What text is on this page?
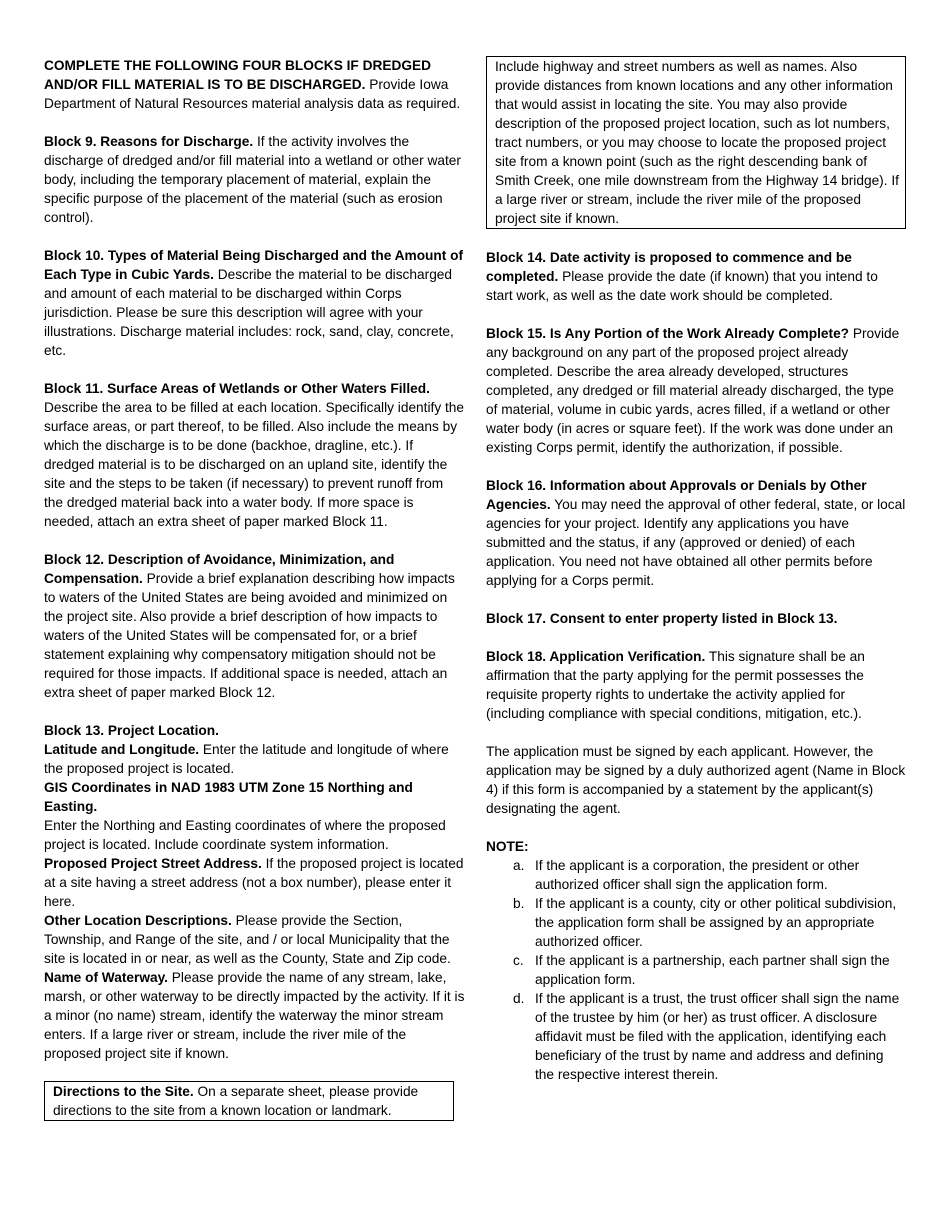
COMPLETE THE FOLLOWING FOUR BLOCKS IF DREDGED AND/OR FILL MATERIAL IS TO BE DISCHARGED. Provide Iowa Department of Natural Resources material analysis data as required.

Block 9. Reasons for Discharge. If the activity involves the discharge of dredged and/or fill material into a wetland or other water body, including the temporary placement of material, explain the specific purpose of the placement of the material (such as erosion control).

Block 10. Types of Material Being Discharged and the Amount of Each Type in Cubic Yards. Describe the material to be discharged and amount of each material to be discharged within Corps jurisdiction. Please be sure this description will agree with your illustrations. Discharge material includes: rock, sand, clay, concrete, etc.

Block 11. Surface Areas of Wetlands or Other Waters Filled.

Describe the area to be filled at each location. Specifically identify the surface areas, or part thereof, to be filled. Also include the means by which the discharge is to be done (backhoe, dragline, etc.). If dredged material is to be discharged on an upland site, identify the site and the steps to be taken (if necessary) to prevent runoff from the dredged material back into a water body. If more space is needed, attach an extra sheet of paper marked Block 11.

Block 12. Description of Avoidance, Minimization, and Compensation. Provide a brief explanation describing how impacts to waters of the United States are being avoided and minimized on the project site. Also provide a brief description of how impacts to waters of the United States will be compensated for, or a brief statement explaining why compensatory mitigation should not be required for those impacts. If additional space is needed, attach an extra sheet of paper marked Block 12.

Block 13. Project Location.

Latitude and Longitude. Enter the latitude and longitude of where the proposed project is located.

GIS Coordinates in NAD 1983 UTM Zone 15 Northing and Easting.

Enter the Northing and Easting coordinates of where the proposed project is located. Include coordinate system information.

Proposed Project Street Address. If the proposed project is located at a site having a street address (not a box number), please enter it here.

Other Location Descriptions. Please provide the Section, Township, and Range of the site, and / or local Municipality that the site is located in or near, as well as the County, State and Zip code.

Name of Waterway. Please provide the name of any stream, lake, marsh, or other waterway to be directly impacted by the activity. If it is a minor (no name) stream, identify the waterway the minor stream enters. If a large river or stream, include the river mile of the proposed project site if known.

Directions to the Site. On a separate sheet, please provide directions to the site from a known location or landmark.

Include highway and street numbers as well as names. Also provide distances from known locations and any other information that would assist in locating the site. You may also provide description of the proposed project location, such as lot numbers, tract numbers, or you may choose to locate the proposed project site from a known point (such as the right descending bank of Smith Creek, one mile downstream from the Highway 14 bridge). If a large river or stream, include the river mile of the proposed project site if known.

Block 14. Date activity is proposed to commence and be completed. Please provide the date (if known) that you intend to start work, as well as the date work should be completed.

Block 15. Is Any Portion of the Work Already Complete? Provide any background on any part of the proposed project already completed. Describe the area already developed, structures completed, any dredged or fill material already discharged, the type of material, volume in cubic yards, acres filled, if a wetland or other water body (in acres or square feet). If the work was done under an existing Corps permit, identify the authorization, if possible.

Block 16. Information about Approvals or Denials by Other Agencies. You may need the approval of other federal, state, or local agencies for your project. Identify any applications you have submitted and the status, if any (approved or denied) of each application. You need not have obtained all other permits before applying for a Corps permit.

Block 17. Consent to enter property listed in Block 13.

Block 18. Application Verification. This signature shall be an affirmation that the party applying for the permit possesses the requisite property rights to undertake the activity applied for (including compliance with special conditions, mitigation, etc.).

The application must be signed by each applicant. However, the application may be signed by a duly authorized agent (Name in Block 4) if this form is accompanied by a statement by the applicant(s) designating the agent.

NOTE:

a. If the applicant is a corporation, the president or other authorized officer shall sign the application form.
b. If the applicant is a county, city or other political subdivision, the application form shall be assigned by an appropriate authorized officer.
c. If the applicant is a partnership, each partner shall sign the application form.
d. If the applicant is a trust, the trust officer shall sign the name of the trustee by him (or her) as trust officer. A disclosure affidavit must be filed with the application, identifying each beneficiary of the trust by name and address and defining the respective interest therein.
